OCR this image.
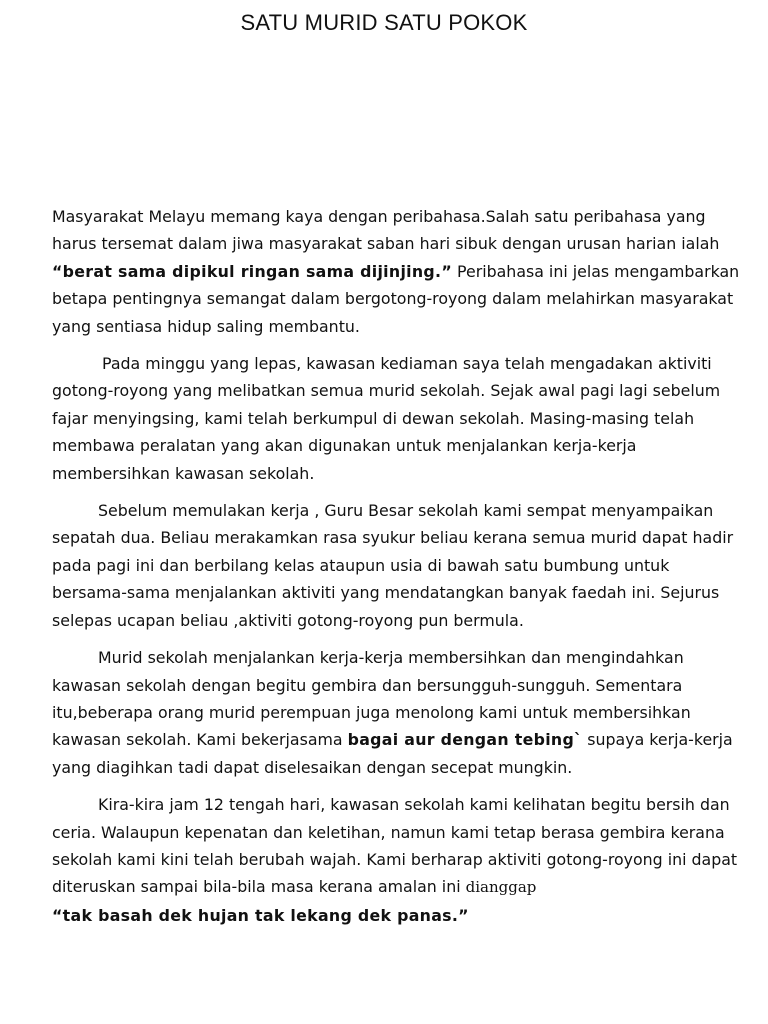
SATU MURID SATU POKOK

Masyarakat Melayu memang kaya dengan peribahasa.Salah satu peribahasa yang harus tersemat dalam jiwa masyarakat saban hari sibuk dengan urusan harian ialah “berat sama dipikul ringan sama dijinjing.” Peribahasa ini jelas mengambarkan betapa pentingnya semangat dalam bergotong-royong dalam melahirkan masyarakat yang sentiasa hidup saling membantu.

Pada minggu yang lepas, kawasan kediaman saya telah mengadakan aktiviti gotong-royong yang melibatkan semua murid sekolah. Sejak awal pagi lagi sebelum fajar menyingsing, kami telah berkumpul di dewan sekolah. Masing-masing telah membawa peralatan yang akan digunakan untuk menjalankan kerja-kerja membersihkan kawasan sekolah.

Sebelum memulakan kerja , Guru Besar sekolah kami sempat menyampaikan sepatah dua. Beliau merakamkan rasa syukur beliau kerana semua murid dapat hadir pada pagi ini dan berbilang kelas ataupun usia di bawah satu bumbung untuk bersama-sama menjalankan aktiviti yang mendatangkan banyak faedah ini. Sejurus selepas ucapan beliau ,aktiviti gotong-royong pun bermula.

Murid sekolah menjalankan kerja-kerja membersihkan dan mengindahkan kawasan sekolah dengan begitu gembira dan bersungguh-sungguh. Sementara itu,beberapa orang murid perempuan juga menolong kami untuk membersihkan kawasan sekolah. Kami bekerjasama bagai aur dengan tebing` supaya kerja-kerja yang diagihkan tadi dapat diselesaikan dengan secepat mungkin.

Kira-kira jam 12 tengah hari, kawasan sekolah kami kelihatan begitu bersih dan ceria. Walaupun kepenatan dan keletihan, namun kami tetap berasa gembira kerana sekolah kami kini telah berubah wajah. Kami berharap aktiviti gotong-royong ini dapat diteruskan sampai bila-bila masa kerana amalan ini dianggap
“tak basah dek hujan tak lekang dek panas.”
